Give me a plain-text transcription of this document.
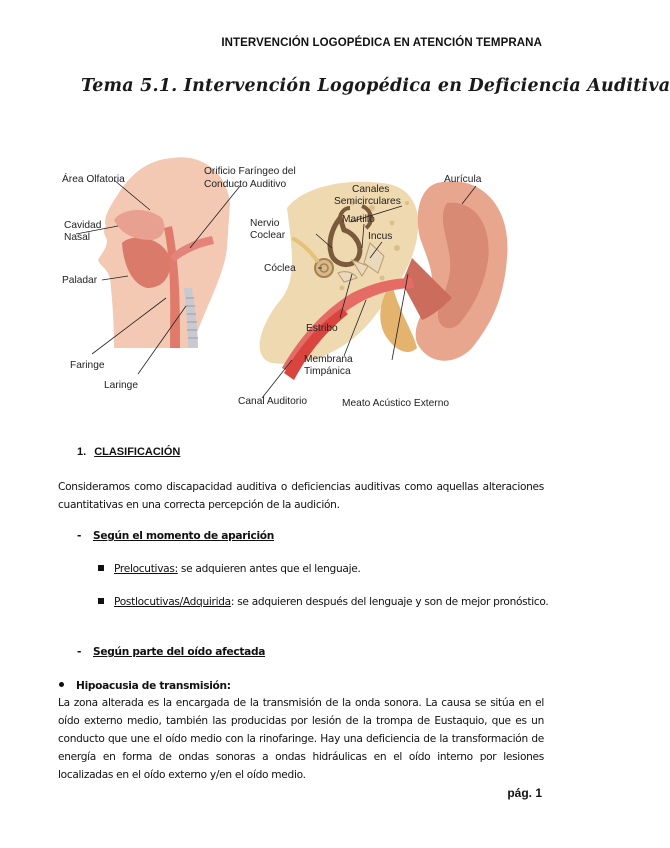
INTERVENCIÓN LOGOPÉDICA EN ATENCIÓN TEMPRANA
Tema 5.1. Intervención Logopédica en Deficiencia Auditiva
Área Olfatoria
Orificio Faríngeo del
Conducto Auditivo	Canales
Semicirculares
Aurícula
Cavidad
Nasal
Nervio
Coclear
Martillo
Incus
Paladar
Cóclea
Estribo
Membrana
Timpánica
Faringe
Laringe
Canal Auditorio	Meato Acústico Externo
1. CLASIFICACIÓN
Consideramos como discapacidad auditiva o deficiencias auditivas como aquellas alteraciones cuantitativas en una correcta percepción de la audición.
- Según el momento de aparición
Prelocutivas: se adquieren antes que el lenguaje.
Postlocutivas/Adquirida: se adquieren después del lenguaje y son de mejor pronóstico.
- Según parte del oído afectada
Hipoacusia de transmisión:
La zona alterada es la encargada de la transmisión de la onda sonora. La causa se sitúa en el oído externo medio, también las producidas por lesión de la trompa de Eustaquio, que es un conducto que une el oído medio con la rinofaringe. Hay una deficiencia de la transformación de energía en forma de ondas sonoras a ondas hidráulicas en el oído interno por lesiones localizadas en el oído externo y/en el oído medio.
pág. 1
